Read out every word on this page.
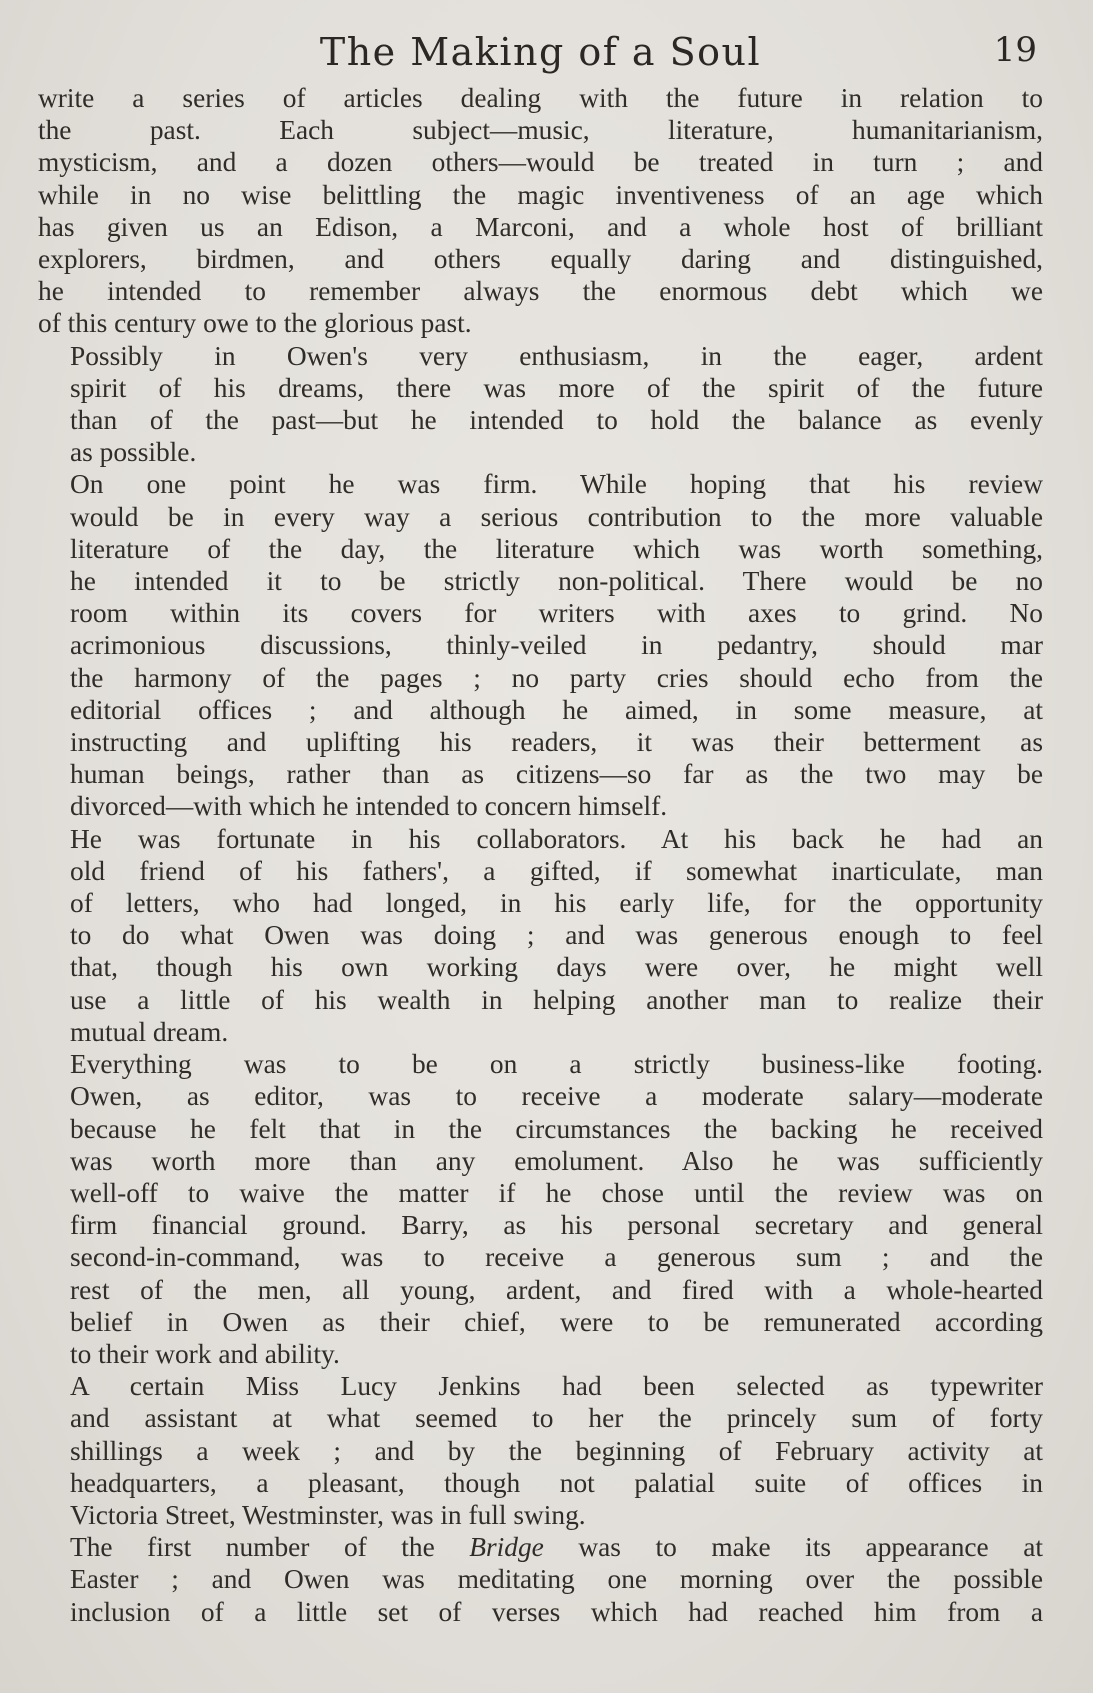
The Making of a Soul	19
write a series of articles dealing with the future in relation to
the past. Each subject—music, literature, humanitarianism,
mysticism, and a dozen others—would be treated in turn ; and
while in no wise belittling the magic inventiveness of an age which
has given us an Edison, a Marconi, and a whole host of brilliant
explorers, birdmen, and others equally daring and distinguished,
he intended to remember always the enormous debt which we
of this century owe to the glorious past.
Possibly in Owen's very enthusiasm, in the eager, ardent
spirit of his dreams, there was more of the spirit of the future
than of the past—but he intended to hold the balance as evenly
as possible.
On one point he was firm. While hoping that his review
would be in every way a serious contribution to the more valuable
literature of the day, the literature which was worth something,
he intended it to be strictly non-political. There would be no
room within its covers for writers with axes to grind. No
acrimonious discussions, thinly-veiled in pedantry, should mar
the harmony of the pages ; no party cries should echo from the
editorial offices ; and although he aimed, in some measure, at
instructing and uplifting his readers, it was their betterment as
human beings, rather than as citizens—so far as the two may be
divorced—with which he intended to concern himself.
He was fortunate in his collaborators. At his back he had an
old friend of his fathers', a gifted, if somewhat inarticulate, man
of letters, who had longed, in his early life, for the opportunity
to do what Owen was doing ; and was generous enough to feel
that, though his own working days were over, he might well
use a little of his wealth in helping another man to realize their
mutual dream.
Everything was to be on a strictly business-like footing.
Owen, as editor, was to receive a moderate salary—moderate
because he felt that in the circumstances the backing he received
was worth more than any emolument. Also he was sufficiently
well-off to waive the matter if he chose until the review was on
firm financial ground. Barry, as his personal secretary and general
second-in-command, was to receive a generous sum ; and the
rest of the men, all young, ardent, and fired with a whole-hearted
belief in Owen as their chief, were to be remunerated according
to their work and ability.
A certain Miss Lucy Jenkins had been selected as typewriter
and assistant at what seemed to her the princely sum of forty
shillings a week ; and by the beginning of February activity at
headquarters, a pleasant, though not palatial suite of offices in
Victoria Street, Westminster, was in full swing.
The first number of the Bridge was to make its appearance at
Easter ; and Owen was meditating one morning over the possible
inclusion of a little set of verses which had reached him from a
